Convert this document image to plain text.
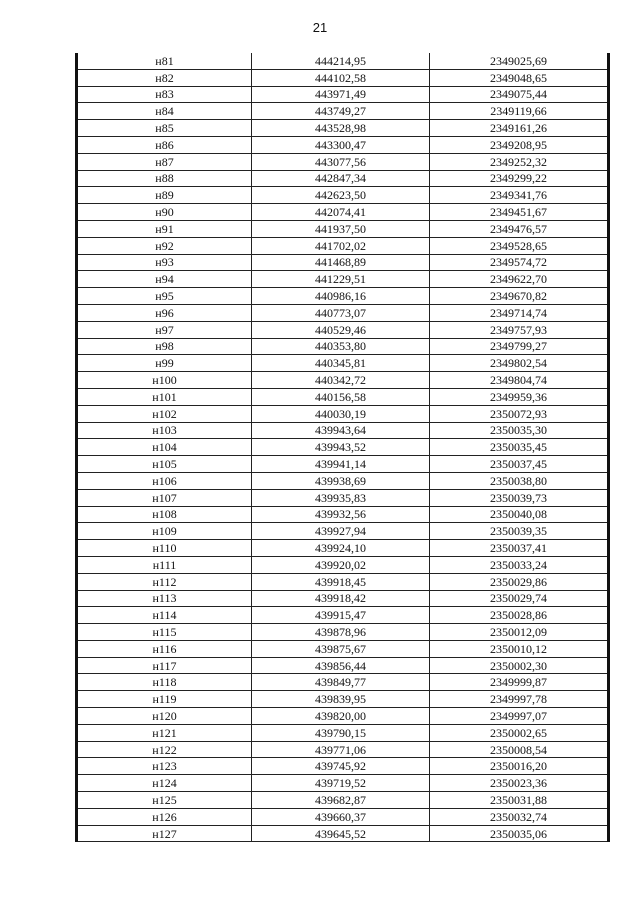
21
н81	444214,95	2349025,69
н82	444102,58	2349048,65
н83	443971,49	2349075,44
н84	443749,27	2349119,66
н85	443528,98	2349161,26
н86	443300,47	2349208,95
н87	443077,56	2349252,32
н88	442847,34	2349299,22
н89	442623,50	2349341,76
н90	442074,41	2349451,67
н91	441937,50	2349476,57
н92	441702,02	2349528,65
н93	441468,89	2349574,72
н94	441229,51	2349622,70
н95	440986,16	2349670,82
н96	440773,07	2349714,74
н97	440529,46	2349757,93
н98	440353,80	2349799,27
н99	440345,81	2349802,54
н100	440342,72	2349804,74
н101	440156,58	2349959,36
н102	440030,19	2350072,93
н103	439943,64	2350035,30
н104	439943,52	2350035,45
н105	439941,14	2350037,45
н106	439938,69	2350038,80
н107	439935,83	2350039,73
н108	439932,56	2350040,08
н109	439927,94	2350039,35
н110	439924,10	2350037,41
н111	439920,02	2350033,24
н112	439918,45	2350029,86
н113	439918,42	2350029,74
н114	439915,47	2350028,86
н115	439878,96	2350012,09
н116	439875,67	2350010,12
н117	439856,44	2350002,30
н118	439849,77	2349999,87
н119	439839,95	2349997,78
н120	439820,00	2349997,07
н121	439790,15	2350002,65
н122	439771,06	2350008,54
н123	439745,92	2350016,20
н124	439719,52	2350023,36
н125	439682,87	2350031,88
н126	439660,37	2350032,74
н127	439645,52	2350035,06
